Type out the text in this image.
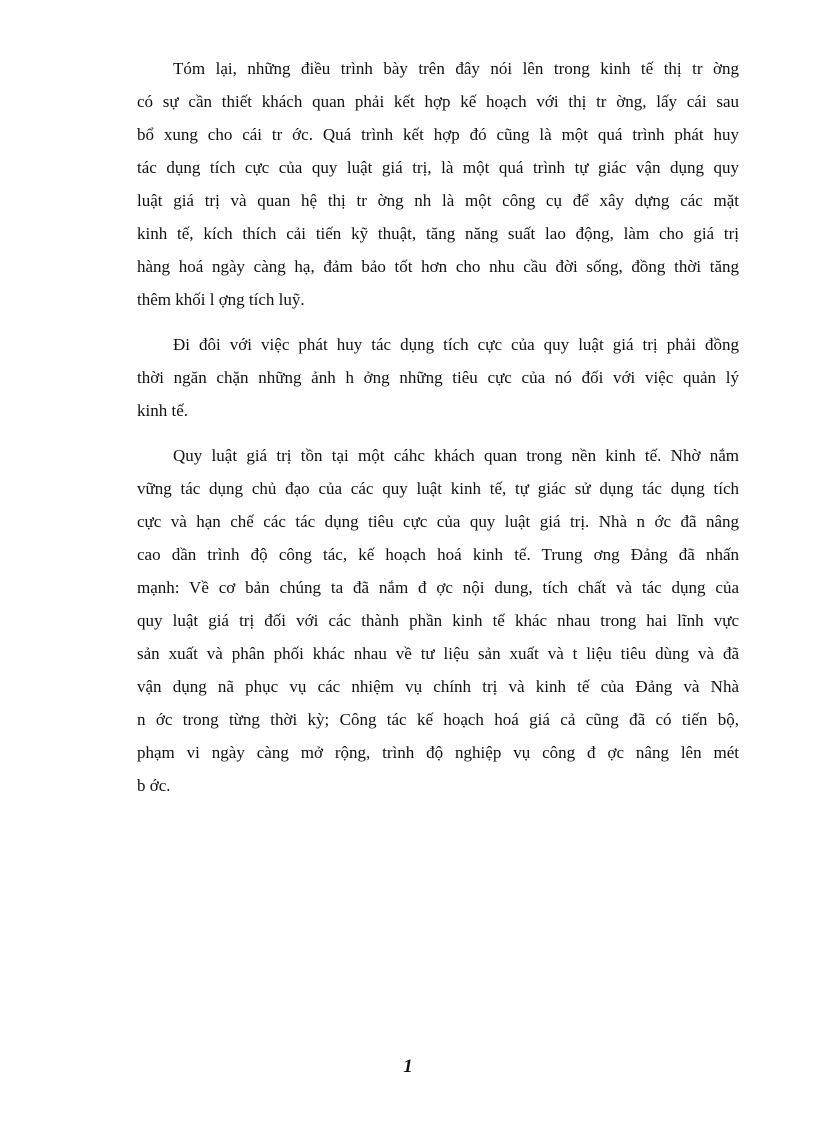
Tóm lại, những điều trình bày trên đây nói lên trong kinh tế thị tr ờng
có sự cần thiết khách quan phải kết hợp kế hoạch với thị tr ờng, lấy cái sau
bổ xung cho cái tr ớc. Quá trình kết hợp đó cũng là một quá trình phát huy
tác dụng tích cực của quy luật giá trị, là một quá trình tự giác vận dụng quy
luật giá trị và quan hệ thị tr ờng nh là một công cụ để xây dựng các mặt
kinh tế, kích thích cải tiến kỹ thuật, tăng năng suất lao động, làm cho giá trị
hàng hoá ngày càng hạ, đảm bảo tốt hơn cho nhu cầu đời sống, đồng thời tăng
thêm khối l ợng tích luỹ.

Đi đôi với việc phát huy tác dụng tích cực của quy luật giá trị phải đồng
thời ngăn chặn những ảnh h ởng những tiêu cực của nó đối với việc quản lý
kinh tế.

Quy luật giá trị tồn tại một cáhc khách quan trong nền kinh tế. Nhờ nắm
vững tác dụng chủ đạo của các quy luật kinh tế, tự giác sử dụng tác dụng tích
cực và hạn chế các tác dụng tiêu cực của quy luật giá trị. Nhà n ớc đã nâng
cao dần trình độ công tác, kế hoạch hoá kinh tế. Trung ơng Đảng đã nhấn
mạnh: Về cơ bản chúng ta đã nắm đ ợc nội dung, tích chất và tác dụng của
quy luật giá trị đối với các thành phần kinh tế khác nhau trong hai lĩnh vực
sản xuất và phân phối khác nhau về tư liệu sản xuất và t liệu tiêu dùng và đã
vận dụng nã phục vụ các nhiệm vụ chính trị và kinh tế của Đảng và Nhà
n ớc trong từng thời kỳ; Công tác kế hoạch hoá giá cả cũng đã có tiến bộ,
phạm vi ngày càng mở rộng, trình độ nghiệp vụ công đ ợc nâng lên mét
b ớc.

1
